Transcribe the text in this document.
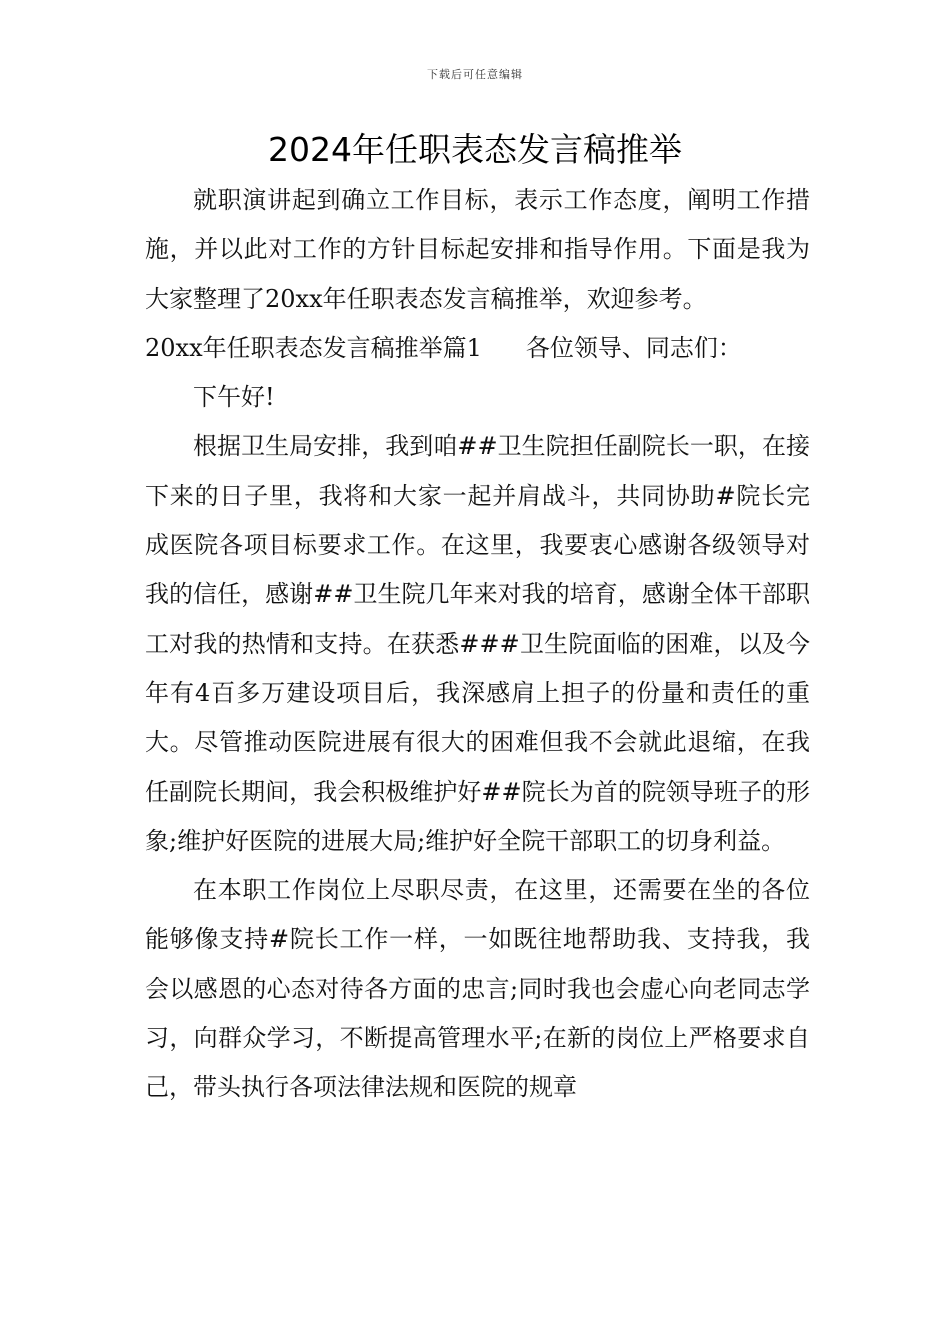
下载后可任意编辑
2024年任职表态发言稿推举

就职演讲起到确立工作目标，表示工作态度，阐明工作措施，并以此对工作的方针目标起安排和指导作用。下面是我为大家整理了20xx年任职表态发言稿推举，欢迎参考。

20xx年任职表态发言稿推举篇1 各位领导、同志们：

下午好!

根据卫生局安排，我到咱##卫生院担任副院长一职，在接下来的日子里，我将和大家一起并肩战斗，共同协助#院长完成医院各项目标要求工作。在这里，我要衷心感谢各级领导对我的信任，感谢##卫生院几年来对我的培育，感谢全体干部职工对我的热情和支持。在获悉###卫生院面临的困难，以及今年有4百多万建设项目后，我深感肩上担子的份量和责任的重大。尽管推动医院进展有很大的困难但我不会就此退缩，在我任副院长期间，我会积极维护好##院长为首的院领导班子的形象;维护好医院的进展大局;维护好全院干部职工的切身利益。

在本职工作岗位上尽职尽责，在这里，还需要在坐的各位能够像支持#院长工作一样，一如既往地帮助我、支持我，我会以感恩的心态对待各方面的忠言;同时我也会虚心向老同志学习，向群众学习，不断提高管理水平;在新的岗位上严格要求自己，带头执行各项法律法规和医院的规章
